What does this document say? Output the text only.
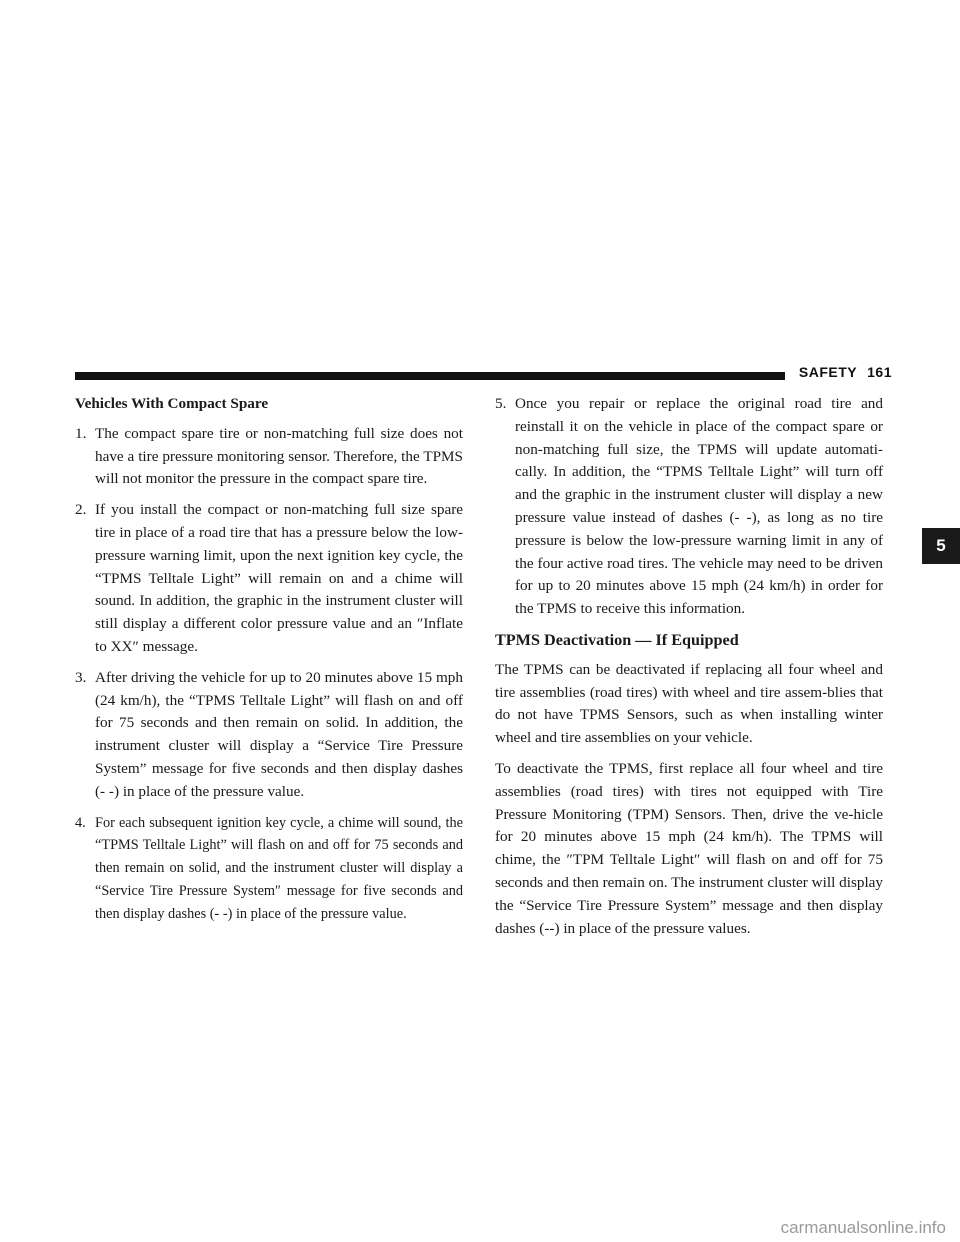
SAFETY 161
5
Vehicles With Compact Spare
1. The compact spare tire or non-matching full size does not have a tire pressure monitoring sensor. Therefore, the TPMS will not monitor the pressure in the compact spare tire.
2. If you install the compact or non-matching full size spare tire in place of a road tire that has a pressure below the low-pressure warning limit, upon the next ignition key cycle, the “TPMS Telltale Light” will remain on and a chime will sound. In addition, the graphic in the instrument cluster will still display a different color pressure value and an ″Inflate to XX″ message.
3. After driving the vehicle for up to 20 minutes above 15 mph (24 km/h), the “TPMS Telltale Light” will flash on and off for 75 seconds and then remain on solid. In addition, the instrument cluster will display a “Service Tire Pressure System” message for five seconds and then display dashes (- -) in place of the pressure value.
4. For each subsequent ignition key cycle, a chime will sound, the “TPMS Telltale Light” will flash on and off for 75 seconds and then remain on solid, and the instrument cluster will display a “Service Tire Pressure System″ message for five seconds and then display dashes (- -) in place of the pressure value.
5. Once you repair or replace the original road tire and reinstall it on the vehicle in place of the compact spare or non-matching full size, the TPMS will update automati-cally. In addition, the “TPMS Telltale Light” will turn off and the graphic in the instrument cluster will display a new pressure value instead of dashes (- -), as long as no tire pressure is below the low-pressure warning limit in any of the four active road tires. The vehicle may need to be driven for up to 20 minutes above 15 mph (24 km/h) in order for the TPMS to receive this information.
TPMS Deactivation — If Equipped

The TPMS can be deactivated if replacing all four wheel and tire assemblies (road tires) with wheel and tire assem-blies that do not have TPMS Sensors, such as when installing winter wheel and tire assemblies on your vehicle.

To deactivate the TPMS, first replace all four wheel and tire assemblies (road tires) with tires not equipped with Tire Pressure Monitoring (TPM) Sensors. Then, drive the ve-hicle for 20 minutes above 15 mph (24 km/h). The TPMS will chime, the ″TPM Telltale Light″ will flash on and off for 75 seconds and then remain on. The instrument cluster will display the “Service Tire Pressure System” message and then display dashes (--) in place of the pressure values.

carmanualsonline.info
